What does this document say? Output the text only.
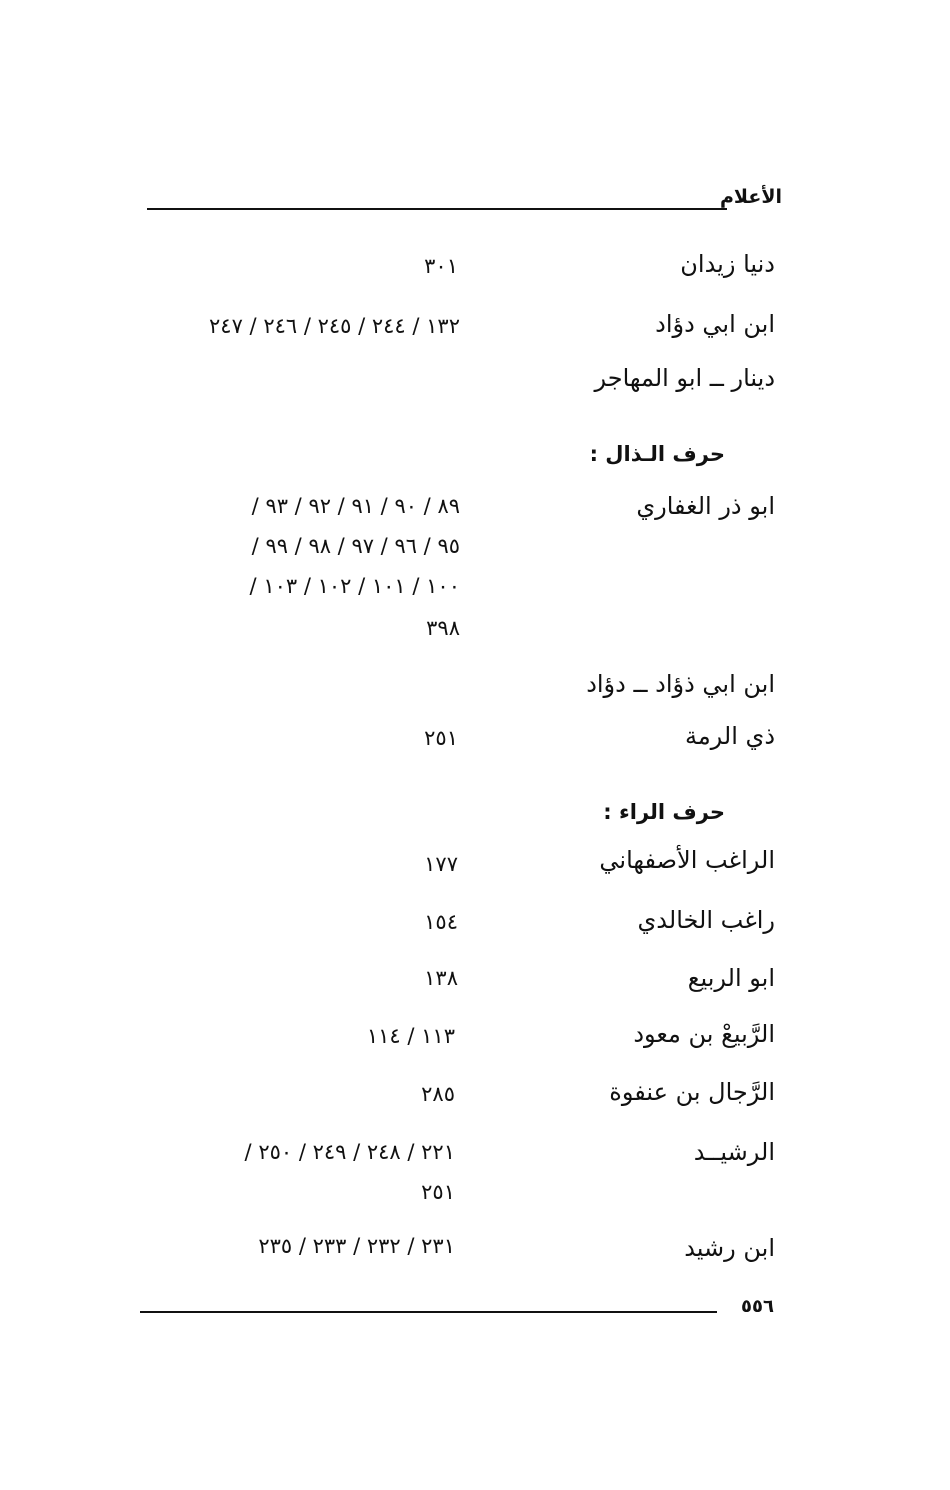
الأعلام
دنيا زيدان
٣٠١
ابن ابي دؤاد
١٣٢ / ٢٤٤ / ٢٤٥ / ٢٤٦ / ٢٤٧
دينار ــ ابو المهاجر
حرف الـذال :
ابو ذر الغفاري
٨٩ / ٩٠ / ٩١ / ٩٢ / ٩٣ /
٩٥ / ٩٦ / ٩٧ / ٩٨ / ٩٩ /
١٠٠ / ١٠١ / ١٠٢ / ١٠٣ /
٣٩٨
ابن ابي ذؤاد ــ دؤاد
ذي الرمة
٢٥١
حرف الراء :
الراغب الأصفهاني
١٧٧
راغب الخالدي
١٥٤
ابو الربيع
١٣٨
الرَّبيعْ بن معود
١١٣ / ١١٤
الرَّجال بن عنفوة
٢٨٥
الرشيــد
٢٢١ / ٢٤٨ / ٢٤٩ / ٢٥٠ /
٢٥١
ابن رشيد
٢٣١ / ٢٣٢ / ٢٣٣ / ٢٣٥
٥٥٦
